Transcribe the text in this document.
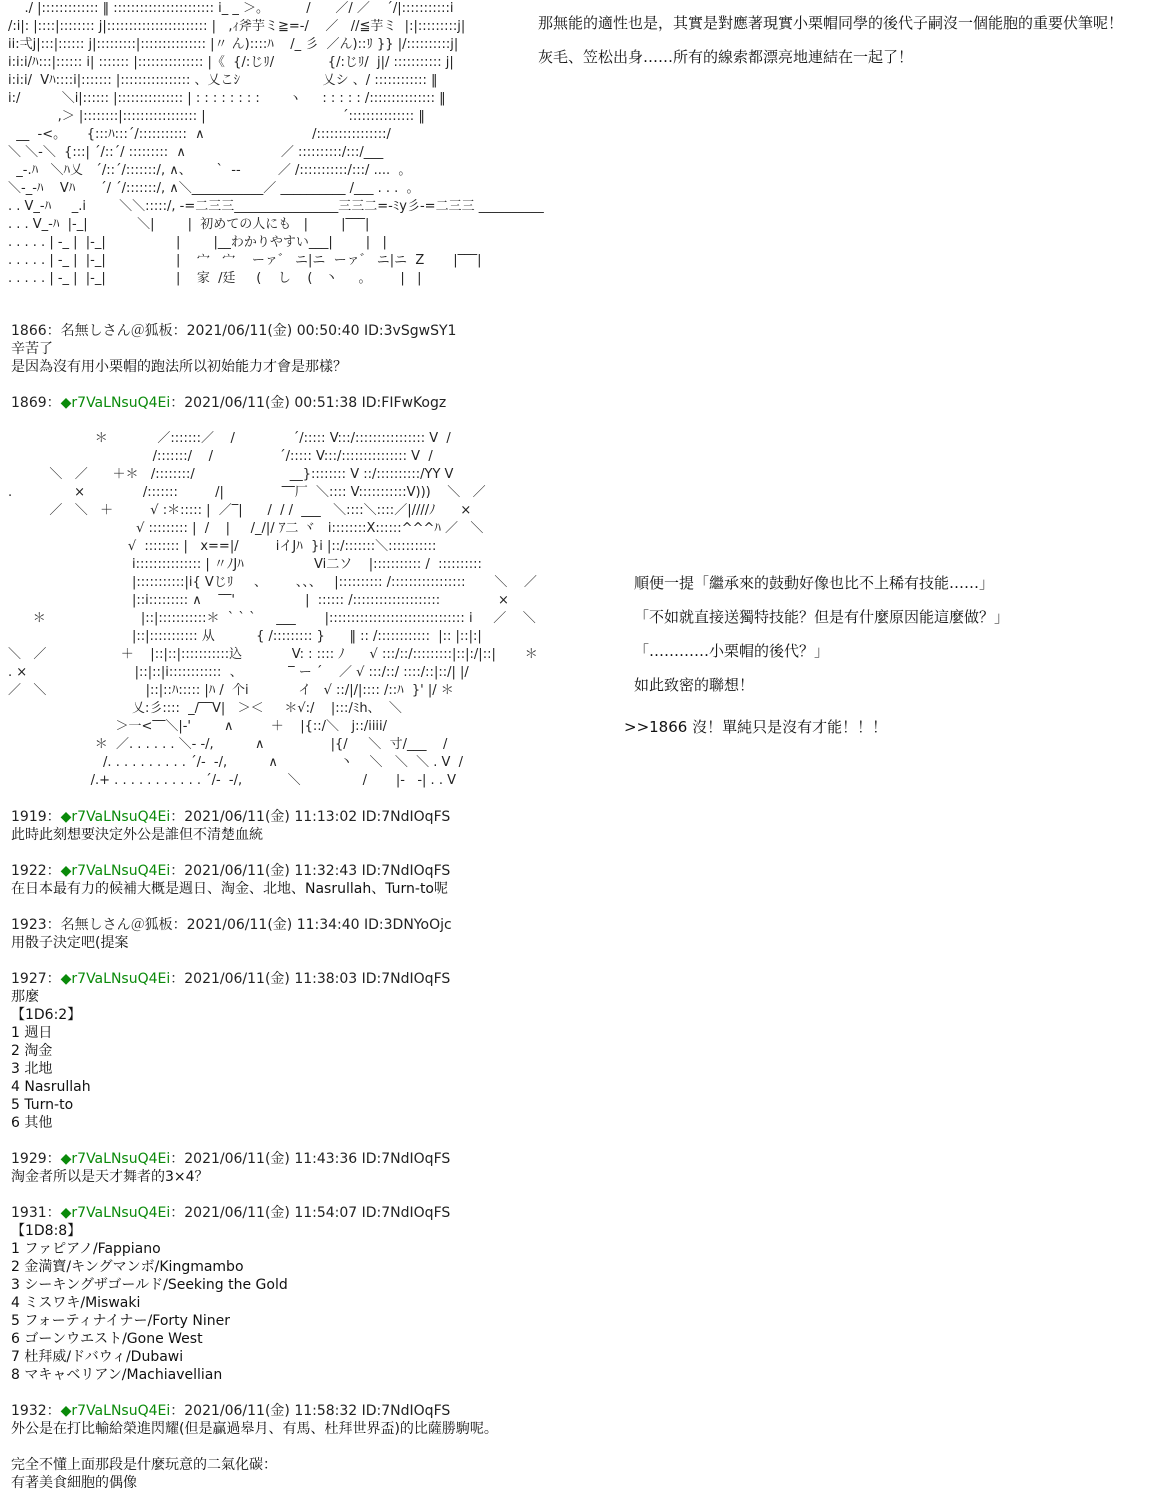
./ |::::::::::::: ‖ ::::::::::::::::::::::: i_ _ ＞。         /      ／/ ／    ´/|:::::::::::i
/:i|: |::::|:::::::: j|::::::::::::::::::::::: |   ,ｨ斧芋ミ≧=-/    ／   //≦芋ミ  |:|:::::::::j|
ii:弌j|:::|:::::: j|:::::::::|::::::::::::::: |〃 ん)::::ﾊ    /_ 彡  ／ん)::ﾘ }} |/::::::::::j|
i:i:i/ﾊ:::|:::::: i| ::::::: |::::::::::::::: |《  {/:じﾘ/             {/:じﾘ/  j|/ ::::::::::: j|
i:i:i/  Vﾊ::::i|::::::: |:::::::::::::::: 、乂こｼ                    乂シ 、/ :::::::::::: ‖
i:/          ＼i|:::::: |::::::::::::::: | : : : : : : : :       ヽ     : : : : : /::::::::::::::: ‖
,＞ |::::::::|::::::::::::::::: |                                 ´::::::::::::::: ‖
__  -<。     {:::ﾊ:::´/:::::::::::  ∧                          /::::::::::::::::/
＼ ＼-＼  {:::| ´/::´/ :::::::::  ∧                       ／ ::::::::::/:::/___
_-.ﾊ   ＼ﾊ乂   ´/::´/:::::::/, ∧、      `  --         ／ /:::::::::::/:::/ ....  。
＼-_-ﾊ    Vﾊ      ´/ ´/:::::::/, ∧＼___________／ __________ /___ . . .  。
. . V_-ﾊ     _.i        ＼＼:::::/, -=二三三________________三三二=-ﾐy彡-=二三三 __________
. . . V_-ﾊ  |-_|            ＼|        |  初めての人にも   |        |‾‾‾|
. . . . . | -_ |  |-_|                 |        |__わかりやすい___|        |   |
. . . . . | -_ |  |-_|                 |    宀   宀    ーァ゛ ニ|ニ  ーァ゛ ニ|ニ  Z       |‾‾‾|
. . . . . | -_ |  |-_|                 |    家  /廷     (    し    (   丶     。       |   |
那無能的適性也是，其實是對應著現實小栗帽同學的後代子嗣沒一個能胞的重要伏筆呢！
灰毛、笠松出身……所有的線索都漂亮地連結在一起了！
1866：名無しさん＠狐板：2021/06/11(金) 00:50:40 ID:3vSgwSY1
辛苦了
是因為沒有用小栗帽的跑法所以初始能力才會是那樣？
1869：◆r7VaLNsuQ4Ei：2021/06/11(金) 00:51:38 ID:FIFwKogz
＊            ／:::::::／    /              ´/::::: V:::/:::::::::::::::: V  /
/:::::::/    /                ´/::::: V:::/::::::::::::::: V  /
＼   ／      ＋＊   /::::::::/                       __}:::::::: V ::/::::::::::/YY V
.               ×              /:::::::         /|              ‾‾厂  ＼:::: V:::::::::::V)))    ＼   ／
／   ＼   ＋         √ :＊::::: |  ／‾|      /  / /  ___   ＼::::＼::::／|////ﾉ      ×
√ ::::::::: |  /    |     /_/|/ ｱ二 ヾ   i::::::::X::::::^^^ﾊ ／   ＼
√  :::::::: |   x==|/         iイJﾊ  }i |::/:::::::＼:::::::::::
i::::::::::::::: | 〃ﾉJﾊ                 Vi二ソ    |::::::::::: /  ::::::::::
|:::::::::::|i{ Vじﾘ     、       、、、   |:::::::::: /:::::::::::::::::       ＼    ／
|::i::::::::: ∧    ‾‾'                 |  :::::: /::::::::::::::::::::              ×
＊                       |::|:::::::::::＊  ` ` `     ___       |::::::::::::::::::::::::::::::: i     ／    ＼
|::|::::::::::: 从          { /::::::::: }      ‖ :: /::::::::::::  |:: |::|:|
＼   ／                  ＋    |::|::|:::::::::::込            V: : :::: ﾉ      √ :::/::/:::::::::|::|:/|::|       ＊
. ×                          |::|::|i::::::::::::  、           ‾ ー ´    ／ √ :::/::/ ::::/::|::/| |/
／   ＼                        |::|::ﾊ::::: |ﾊ /  个i            イ   √ ::/|/|:::: /::ﾊ  }' |/ ＊
乂:彡::::  _/‾‾V|   ＞＜     ＊√:/    |:::/ﾐh、  ＼
＞一<‾‾＼|-'        ∧         ＋    |{::/＼   j::/iiii/
＊  ／. . . . . . ＼- -/,          ∧                |{/     ＼  寸/___    /
/. . . . . . . . . . ´/-  -/,          ∧               丶    ＼   ＼  ＼ . V  /
/.+ . . . . . . . . . . . ´/-  -/,           ＼               /       |-   -| . . V
順便一提「繼承來的鼓動好像也比不上稀有技能……」
「不如就直接送獨特技能？但是有什麼原因能這麼做？」
「…………小栗帽的後代？」
如此致密的聯想！
>>1866 沒！單純只是沒有才能！！！
1919：◆r7VaLNsuQ4Ei：2021/06/11(金) 11:13:02 ID:7NdIOqFS
此時此刻想要決定外公是誰但不清楚血統
1922：◆r7VaLNsuQ4Ei：2021/06/11(金) 11:32:43 ID:7NdIOqFS
在日本最有力的候補大概是週日、淘金、北地、Nasrullah、Turn-to呢
1923：名無しさん＠狐板：2021/06/11(金) 11:34:40 ID:3DNYoOjc
用骰子決定吧(提案
1927：◆r7VaLNsuQ4Ei：2021/06/11(金) 11:38:03 ID:7NdIOqFS
那麼
【1D6:2】
1 週日
2 淘金
3 北地
4 Nasrullah
5 Turn-to
6 其他
1929：◆r7VaLNsuQ4Ei：2021/06/11(金) 11:43:36 ID:7NdIOqFS
淘金者所以是天才舞者的3×4？
1931：◆r7VaLNsuQ4Ei：2021/06/11(金) 11:54:07 ID:7NdIOqFS
【1D8:8】
1 ファピアノ/Fappiano
2 金満寶/キングマンボ/Kingmambo
3 シーキングザゴールド/Seeking the Gold
4 ミスワキ/Miswaki
5 フォーティナイナー/Forty Niner
6 ゴーンウエスト/Gone West
7 杜拜威/ドバウィ/Dubawi
8 マキャベリアン/Machiavellian
1932：◆r7VaLNsuQ4Ei：2021/06/11(金) 11:58:32 ID:7NdIOqFS
外公是在打比輸給榮進閃耀(但是贏過皋月、有馬、杜拜世界盃)的比薩勝駒呢。
完全不懂上面那段是什麼玩意的二氣化碳：
有著美食細胞的偶像
